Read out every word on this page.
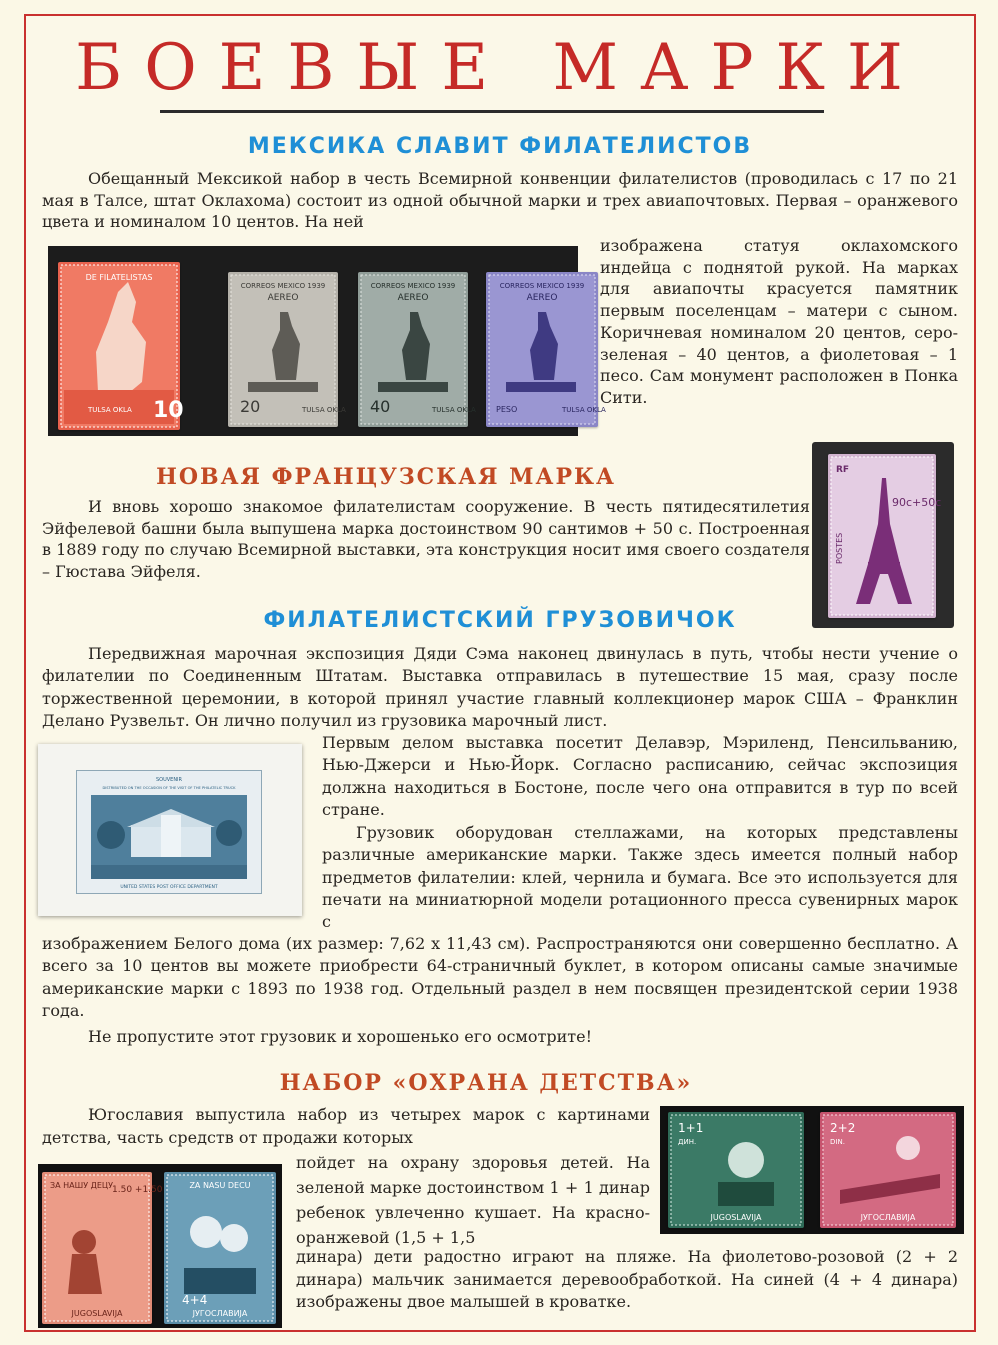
БОЕВЫЕ МАРКИ
МЕКСИКА СЛАВИТ ФИЛАТЕЛИСТОВ

Обещанный Мексикой набор в честь Всемирной конвенции филателистов (проводилась с 17 по 21 мая в Талсе, штат Оклахома) состоит из одной обычной марки и трех авиапочтовых. Первая – оранжевого цвета и номиналом 10 центов. На ней

изображена статуя оклахомского индейца с поднятой рукой. На марках для авиапочты красуется памятник первым поселенцам – матери с сыном. Коричневая номиналом 20 центов, серо-зеленая – 40 центов, а фиолетовая – 1 песо. Сам монумент расположен в Понка Сити.

DE FILATELISTAS
TULSA OKLA 10
CORREOS MEXICO 1939
AEREO
20	TULSA OKLA
CORREOS MEXICO 1939
AEREO
40	TULSA OKLA
CORREOS MEXICO 1939
AEREO
PESO	TULSA OKLA
НОВАЯ ФРАНЦУЗСКАЯ МАРКА

И вновь хорошо знакомое филателистам сооружение. В честь пятидесятилетия Эйфелевой башни была выпушена марка достоинством 90 сантимов + 50 с. Построенная в 1889 году по случаю Всемирной выставки, эта конструкция носит имя своего создателя – Гюстава Эйфеля.

RF
90c+50c
POSTES
ФИЛАТЕЛИСТСКИЙ ГРУЗОВИЧОК

Передвижная марочная экспозиция Дяди Сэма наконец двинулась в путь, чтобы нести учение о филателии по Соединенным Штатам. Выставка отправилась в путешествие 15 мая, сразу после торжественной церемонии, в которой принял участие главный коллекционер марок США – Франклин Делано Рузвельт. Он лично получил из грузовика марочный лист.

Первым делом выставка посетит Делавэр, Мэриленд, Пенсильванию, Нью-Джерси и Нью-Йорк. Согласно расписанию, сейчас экспозиция должна находиться в Бостоне, после чего она отправится в тур по всей стране.

Грузовик оборудован стеллажами, на которых представлены различные американские марки. Также здесь имеется полный набор предметов филателии: клей, чернила и бумага. Все это используется для печати на миниатюрной модели ротационного пресса сувенирных марок с

изображением Белого дома (их размер: 7,62 х 11,43 см). Распространяются они совершенно бесплатно. А всего за 10 центов вы можете приобрести 64-страничный буклет, в котором описаны самые значимые американские марки с 1893 по 1938 год. Отдельный раздел в нем посвящен президентской серии 1938 года.

Не пропустите этот грузовик и хорошенько его осмотрите!

SOUVENIR
DISTRIBUTED ON THE OCCASION OF THE VISIT OF THE PHILATELIC TRUCK
UNITED STATES POST OFFICE DEPARTMENT
НАБОР «ОХРАНА ДЕТСТВА»

Югославия выпустила набор из четырех марок с картинами детства, часть средств от продажи которых

пойдет на охрану здоровья детей. На зеленой марке достоинством 1 + 1 динар ребенок увлеченно кушает. На красно-оранжевой (1,5 + 1,5

динара) дети радостно играют на пляже. На фиолетово-розовой (2 + 2 динара) мальчик занимается деревообработкой. На синей (4 + 4 динара) изображены двое малышей в кроватке.

ЗА НАШУ ДЕЦУ 1.50 +1.50
JUGOSLAVIJA
ZA NASU DECU
4+4
ЈУГОСЛАВИЈА
1+1
ДИН.
JUGOSLAVIJA
2+2
DIN.
ЈУГОСЛАВИЈА
